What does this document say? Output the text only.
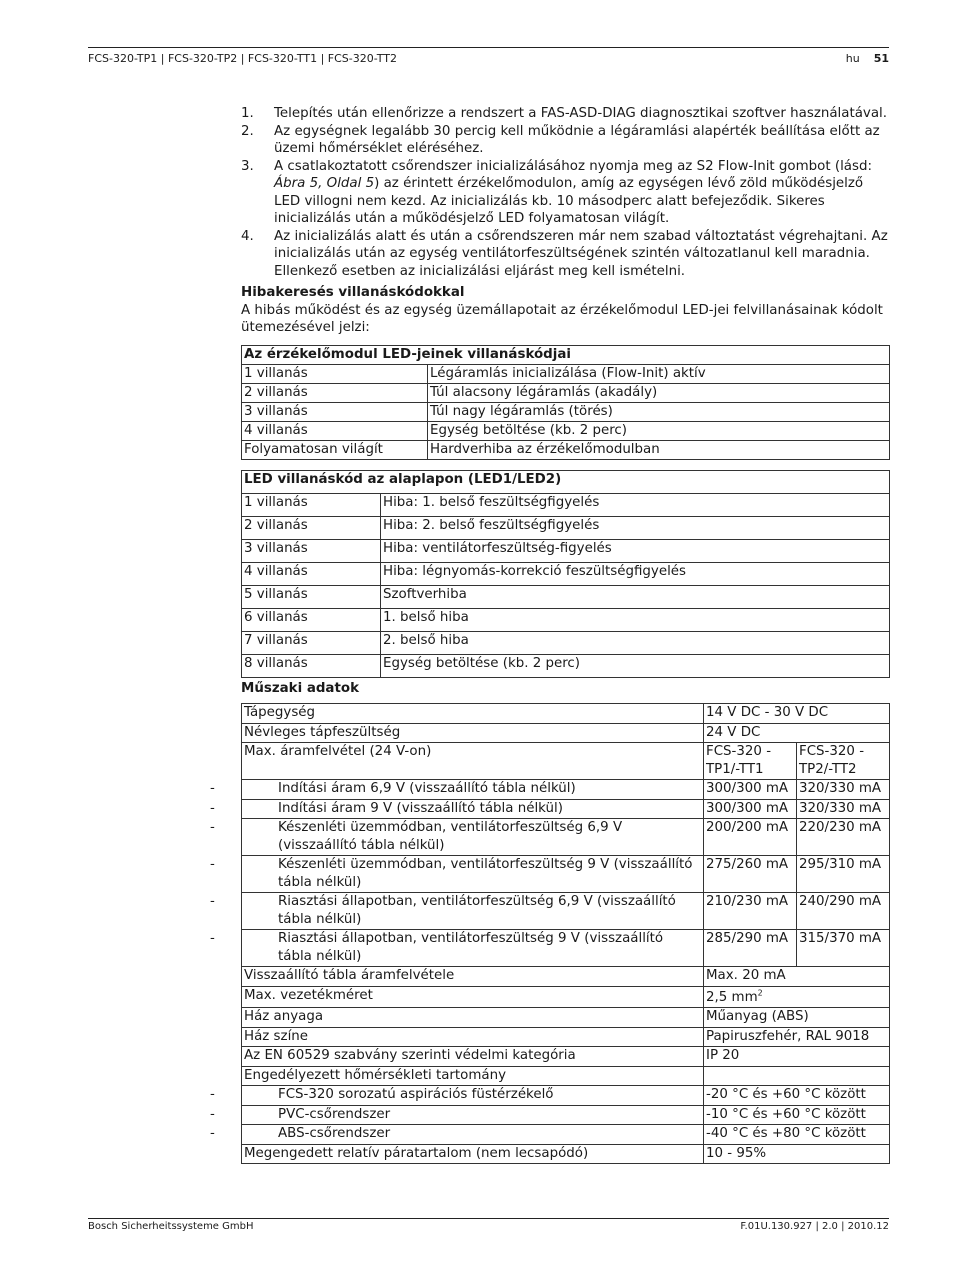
FCS-320-TP1 | FCS-320-TP2 | FCS-320-TT1 | FCS-320-TT2	hu 51
1. Telepítés után ellenőrizze a rendszert a FAS-ASD-DIAG diagnosztikai szoftver használatával.
2. Az egységnek legalább 30 percig kell működnie a légáramlási alapérték beállítása előtt az üzemi hőmérséklet eléréséhez.
3. A csatlakoztatott csőrendszer inicializálásához nyomja meg az S2 Flow-Init gombot (lásd: Ábra 5, Oldal 5) az érintett érzékelőmodulon, amíg az egységen lévő zöld működésjelző LED villogni nem kezd. Az inicializálás kb. 10 másodperc alatt befejeződik. Sikeres inicializálás után a működésjelző LED folyamatosan világít.
4. Az inicializálás alatt és után a csőrendszeren már nem szabad változtatást végrehajtani. Az inicializálás után az egység ventilátorfeszültségének szintén változatlanul kell maradnia. Ellenkező esetben az inicializálási eljárást meg kell ismételni.
Hibakeresés villanáskódokkal

A hibás működést és az egység üzemállapotait az érzékelőmodul LED-jei felvillanásainak kódolt ütemezésével jelzi:

Az érzékelőmodul LED-jeinek villanáskódjai	
1 villanás	Légáramlás inicializálása (Flow-Init) aktív
2 villanás	Túl alacsony légáramlás (akadály)
3 villanás	Túl nagy légáramlás (törés)
4 villanás	Egység betöltése (kb. 2 perc)
Folyamatosan világít	Hardverhiba az érzékelőmodulban
LED villanáskód az alaplapon (LED1/LED2)	
1 villanás	Hiba: 1. belső feszültségfigyelés
2 villanás	Hiba: 2. belső feszültségfigyelés
3 villanás	Hiba: ventilátorfeszültség-figyelés
4 villanás	Hiba: légnyomás-korrekció feszültségfigyelés
5 villanás	Szoftverhiba
6 villanás	1. belső hiba
7 villanás	2. belső hiba
8 villanás	Egység betöltése (kb. 2 perc)
Műszaki adatok
Tápegység	14 V DC - 30 V DC	
Névleges tápfeszültség	24 V DC	
Max. áramfelvétel (24 V-on)	FCS-320 -TP1/-TT1	FCS-320 -TP2/-TT2
- Indítási áram 6,9 V (visszaállító tábla nélkül)	300/300 mA	320/330 mA
- Indítási áram 9 V (visszaállító tábla nélkül)	300/300 mA	320/330 mA
- Készenléti üzemmódban, ventilátorfeszültség 6,9 V (visszaállító tábla nélkül)	200/200 mA	220/230 mA
- Készenléti üzemmódban, ventilátorfeszültség 9 V (visszaállító tábla nélkül)	275/260 mA	295/310 mA
- Riasztási állapotban, ventilátorfeszültség 6,9 V (visszaállító tábla nélkül)	210/230 mA	240/290 mA
- Riasztási állapotban, ventilátorfeszültség 9 V (visszaállító tábla nélkül)	285/290 mA	315/370 mA
Visszaállító tábla áramfelvétele	Max. 20 mA	
Max. vezetékméret	2,5 $mm^2$
Ház anyaga	Műanyag (ABS)	
Ház színe	Papiruszfehér, RAL 9018	
Az EN 60529 szabvány szerinti védelmi kategória	IP 20	
Engedélyezett hőmérsékleti tartomány		
- FCS-320 sorozatú aspirációs füstérzékelő	-20 °C és +60 °C között	
- PVC-csőrendszer	-10 °C és +60 °C között	
- ABS-csőrendszer	-40 °C és +80 °C között	
Megengedett relatív páratartalom (nem lecsapódó)	10 - 95%	
Bosch Sicherheitssysteme GmbH	F.01U.130.927 | 2.0 | 2010.12
